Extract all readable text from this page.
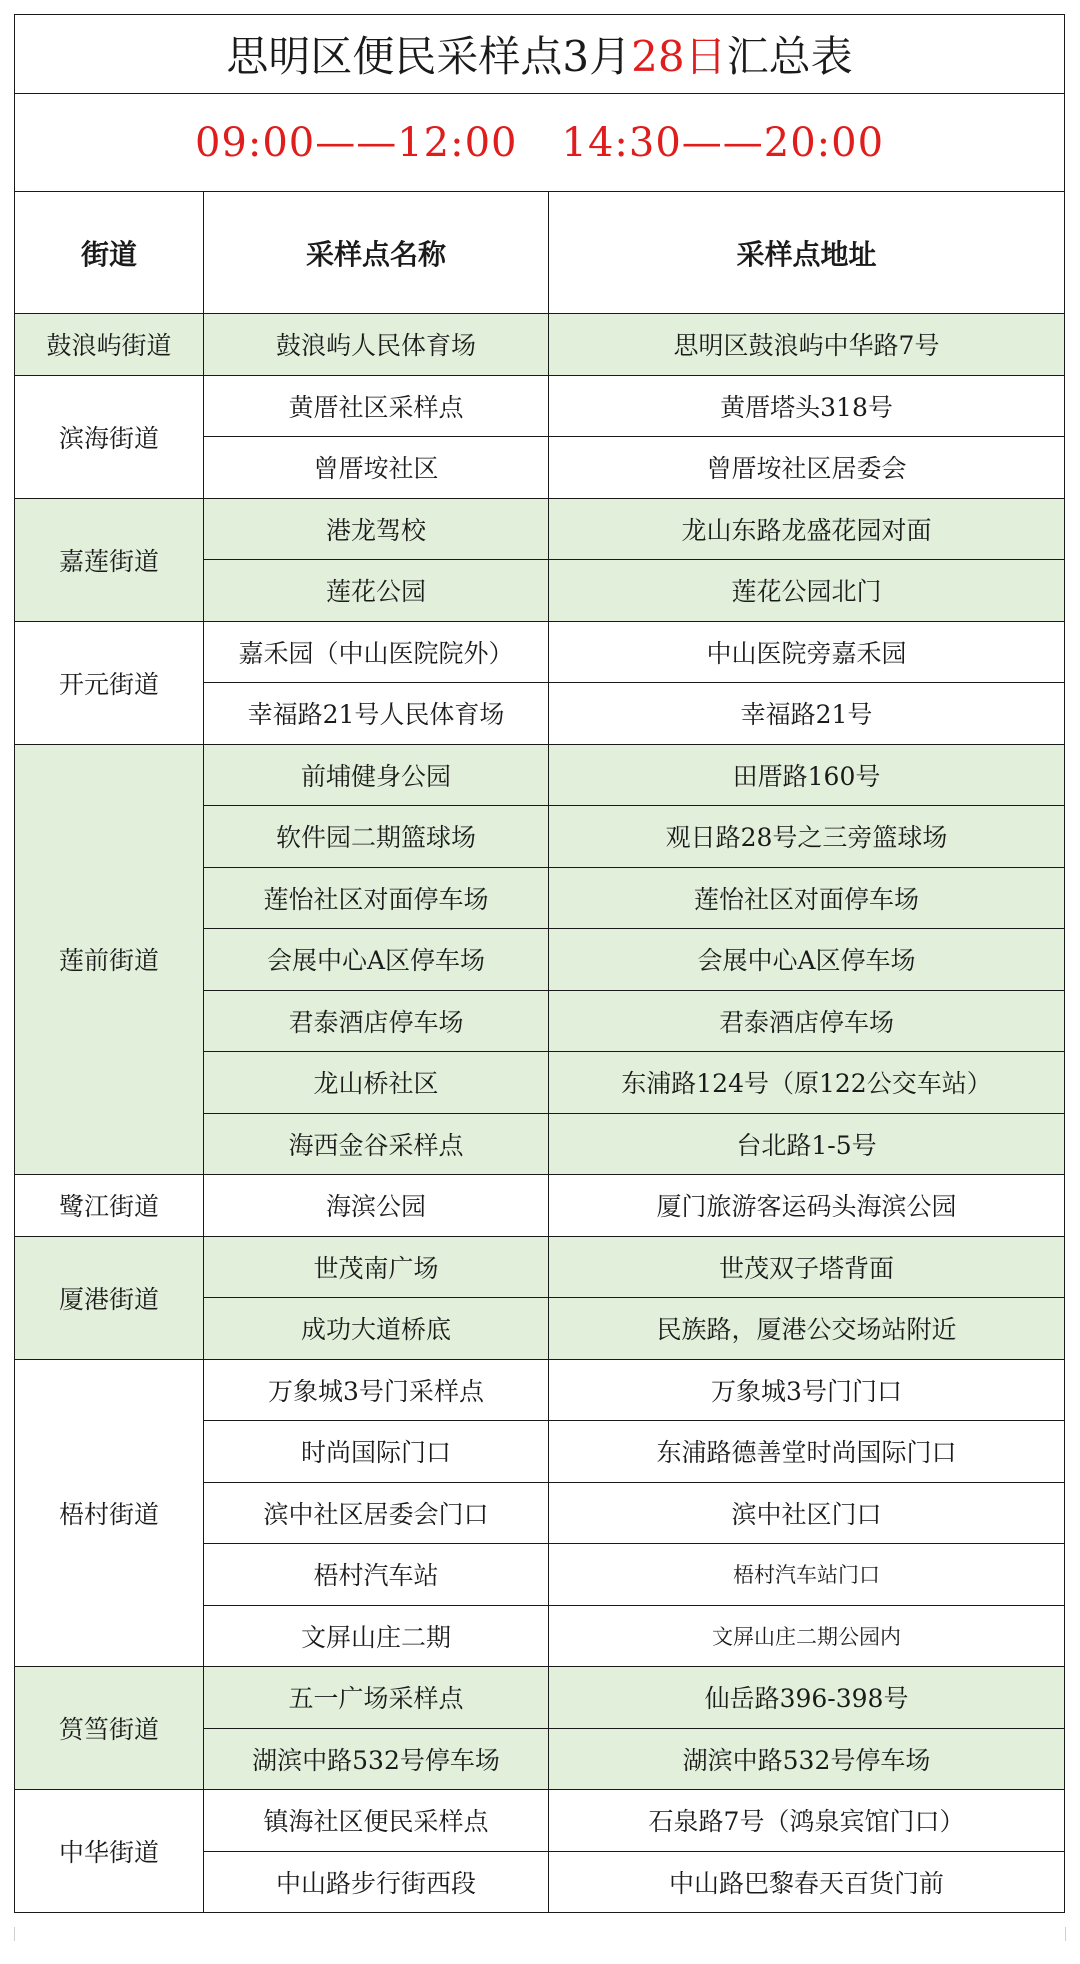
思明区便民采样点3月28日汇总表		
09:00——12:00 14:30——20:00		
街道	采样点名称	采样点地址
鼓浪屿街道	鼓浪屿人民体育场	思明区鼓浪屿中华路7号
滨海街道	黄厝社区采样点	黄厝塔头318号
	曾厝垵社区	曾厝垵社区居委会
嘉莲街道	港龙驾校	龙山东路龙盛花园对面
	莲花公园	莲花公园北门
开元街道	嘉禾园（中山医院院外）	中山医院旁嘉禾园
	幸福路21号人民体育场	幸福路21号
莲前街道	前埔健身公园	田厝路160号
	软件园二期篮球场	观日路28号之三旁篮球场
	莲怡社区对面停车场	莲怡社区对面停车场
	会展中心A区停车场	会展中心A区停车场
	君泰酒店停车场	君泰酒店停车场
	龙山桥社区	东浦路124号（原122公交车站）
	海西金谷采样点	台北路1-5号
鹭江街道	海滨公园	厦门旅游客运码头海滨公园
厦港街道	世茂南广场	世茂双子塔背面
	成功大道桥底	民族路，厦港公交场站附近
梧村街道	万象城3号门采样点	万象城3号门门口
	时尚国际门口	东浦路德善堂时尚国际门口
	滨中社区居委会门口	滨中社区门口
	梧村汽车站	梧村汽车站门口
	文屏山庄二期	文屏山庄二期公园内
筼筜街道	五一广场采样点	仙岳路396-398号
	湖滨中路532号停车场	湖滨中路532号停车场
中华街道	镇海社区便民采样点	石泉路7号（鸿泉宾馆门口）
	中山路步行街西段	中山路巴黎春天百货门前
